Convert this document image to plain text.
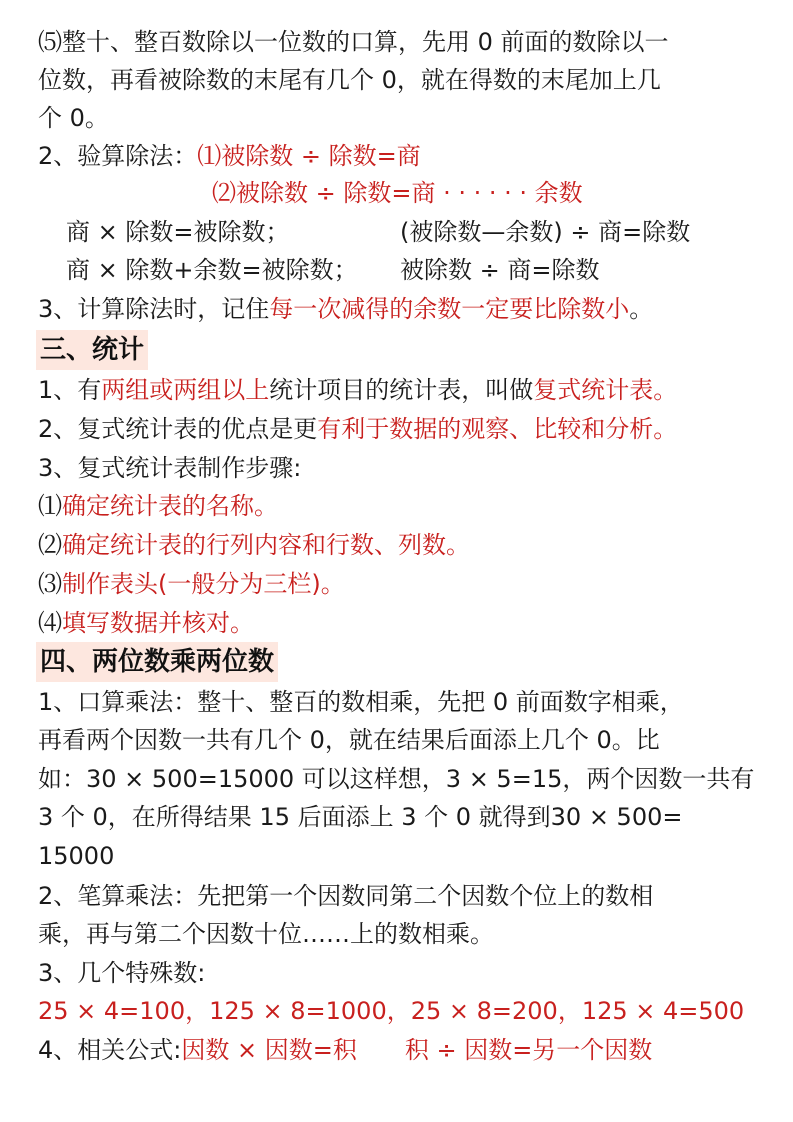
⑸整十、整百数除以一位数的口算，先用 0 前面的数除以一
位数，再看被除数的末尾有几个 0，就在得数的末尾加上几
个 0。
2、验算除法：⑴被除数 ÷ 除数=商
⑵被除数 ÷ 除数=商 · · · · · · 余数
商 × 除数=被除数；	(被除数—余数) ÷ 商=除数
商 × 除数+余数=被除数； 被除数 ÷ 商=除数
3、计算除法时，记住每一次减得的余数一定要比除数小。
三、统计
1、有两组或两组以上统计项目的统计表，叫做复式统计表。
2、复式统计表的优点是更有利于数据的观察、比较和分析。
3、复式统计表制作步骤:
⑴确定统计表的名称。
⑵确定统计表的行列内容和行数、列数。
⑶制作表头(一般分为三栏)。
⑷填写数据并核对。
四、两位数乘两位数
1、口算乘法：整十、整百的数相乘，先把 0 前面数字相乘，
再看两个因数一共有几个 0，就在结果后面添上几个 0。比
如：30 × 500=15000 可以这样想，3 × 5=15，两个因数一共有
3 个 0，在所得结果 15 后面添上 3 个 0 就得到30 × 500=
15000
2、笔算乘法：先把第一个因数同第二个因数个位上的数相
乘，再与第二个因数十位……上的数相乘。
3、几个特殊数:
25 × 4=100，125 × 8=1000，25 × 8=200，125 × 4=500
4、相关公式:因数 × 因数=积　　积 ÷ 因数=另一个因数
